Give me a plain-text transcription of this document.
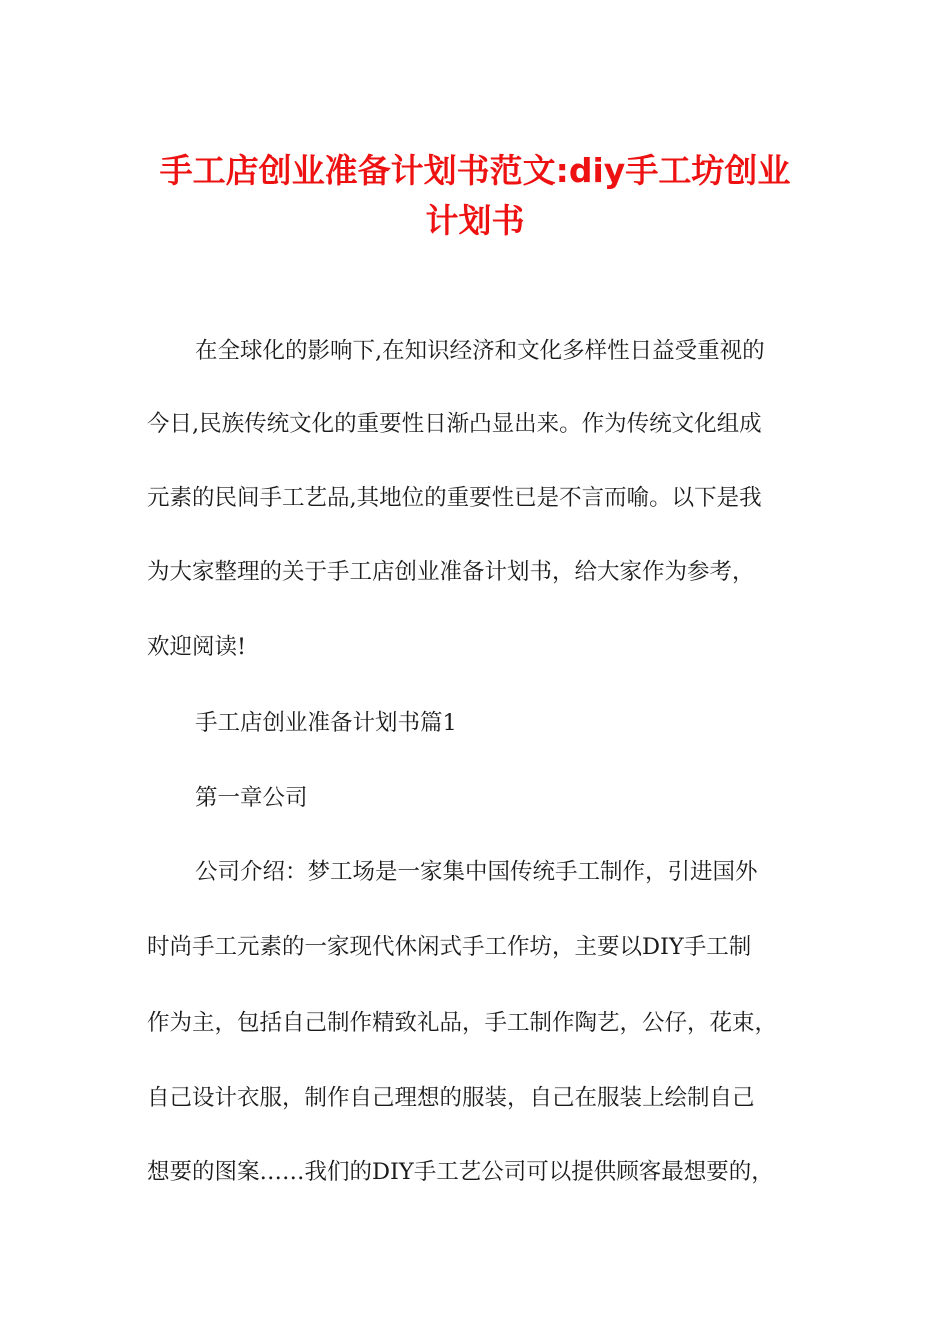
手工店创业准备计划书范文:diy手工坊创业
计划书

在全球化的影响下,在知识经济和文化多样性日益受重视的

今日,民族传统文化的重要性日渐凸显出来。作为传统文化组成

元素的民间手工艺品,其地位的重要性已是不言而喻。以下是我

为大家整理的关于手工店创业准备计划书，给大家作为参考，

欢迎阅读!

手工店创业准备计划书篇1

第一章公司

公司介绍：梦工场是一家集中国传统手工制作，引进国外

时尚手工元素的一家现代休闲式手工作坊，主要以DIY手工制

作为主，包括自己制作精致礼品，手工制作陶艺，公仔，花束，

自己设计衣服，制作自己理想的服装，自己在服装上绘制自己

想要的图案……我们的DIY手工艺公司可以提供顾客最想要的，
